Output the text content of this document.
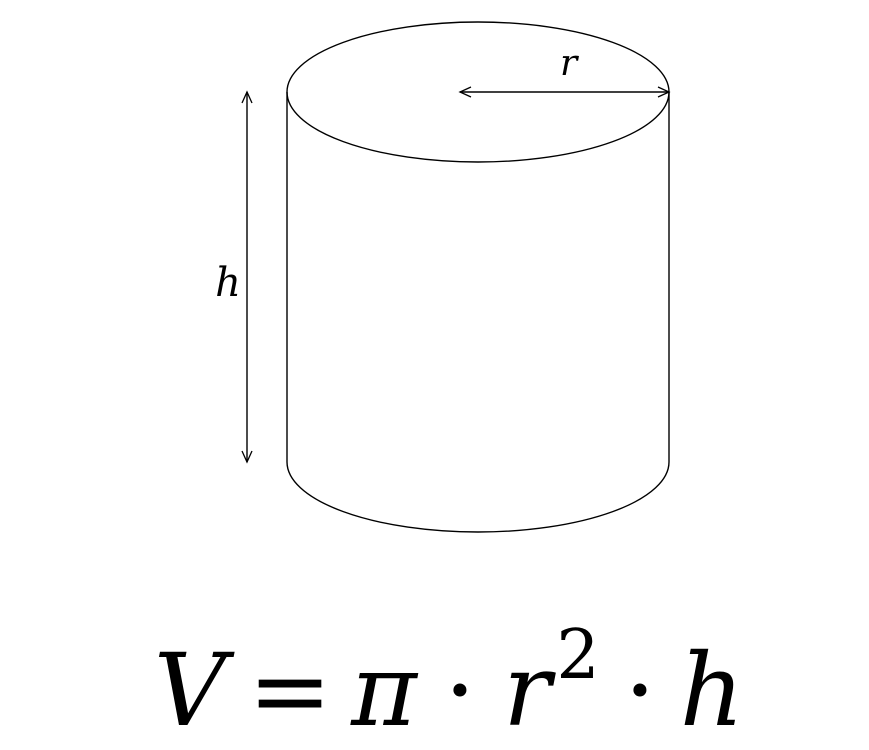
r
h
V = π · r 2 · h
